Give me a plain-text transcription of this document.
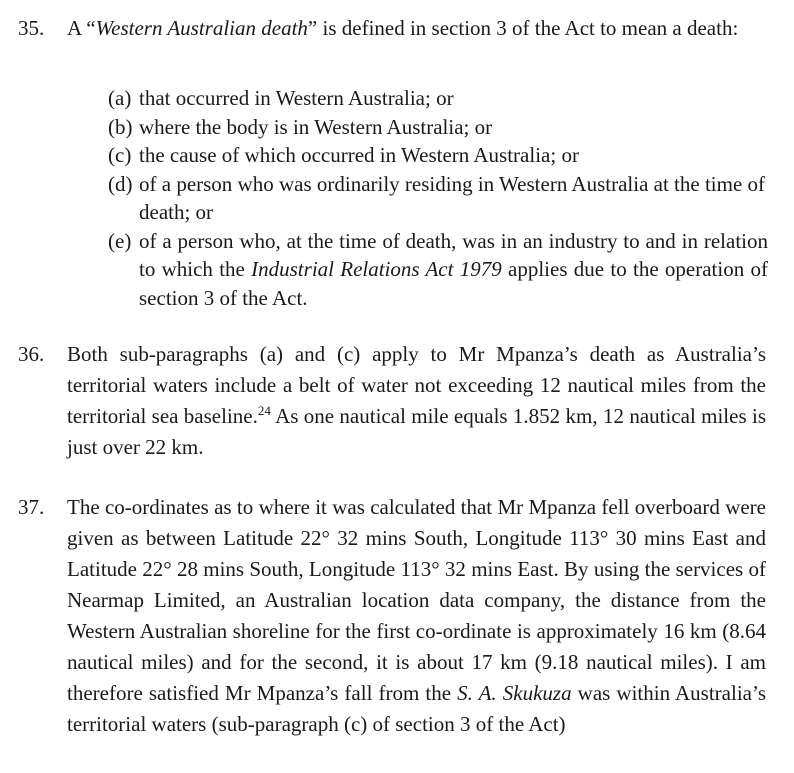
35.	A “Western Australian death” is defined in section 3 of the Act to mean a death:
(a) that occurred in Western Australia; or
(b) where the body is in Western Australia; or
(c) the cause of which occurred in Western Australia; or
(d) of a person who was ordinarily residing in Western Australia at the time of death; or
(e) of a person who, at the time of death, was in an industry to and in relation to which the Industrial Relations Act 1979 applies due to the operation of section 3 of the Act.
36.	Both sub-paragraphs (a) and (c) apply to Mr Mpanza’s death as Australia’s territorial waters include a belt of water not exceeding 12 nautical miles from the territorial sea baseline.$^{24}$ As one nautical mile equals 1.852 km, 12 nautical miles is just over 22 km.
37.	The co-ordinates as to where it was calculated that Mr Mpanza fell overboard were given as between Latitude 22° 32 mins South, Longitude 113° 30 mins East and Latitude 22° 28 mins South, Longitude 113° 32 mins East. By using the services of Nearmap Limited, an Australian location data company, the distance from the Western Australian shoreline for the first co-ordinate is approximately 16 km (8.64 nautical miles) and for the second, it is about 17 km (9.18 nautical miles). I am therefore satisfied Mr Mpanza’s fall from the S. A. Skukuza was within Australia’s territorial waters (sub-paragraph (c) of section 3 of the Act)
